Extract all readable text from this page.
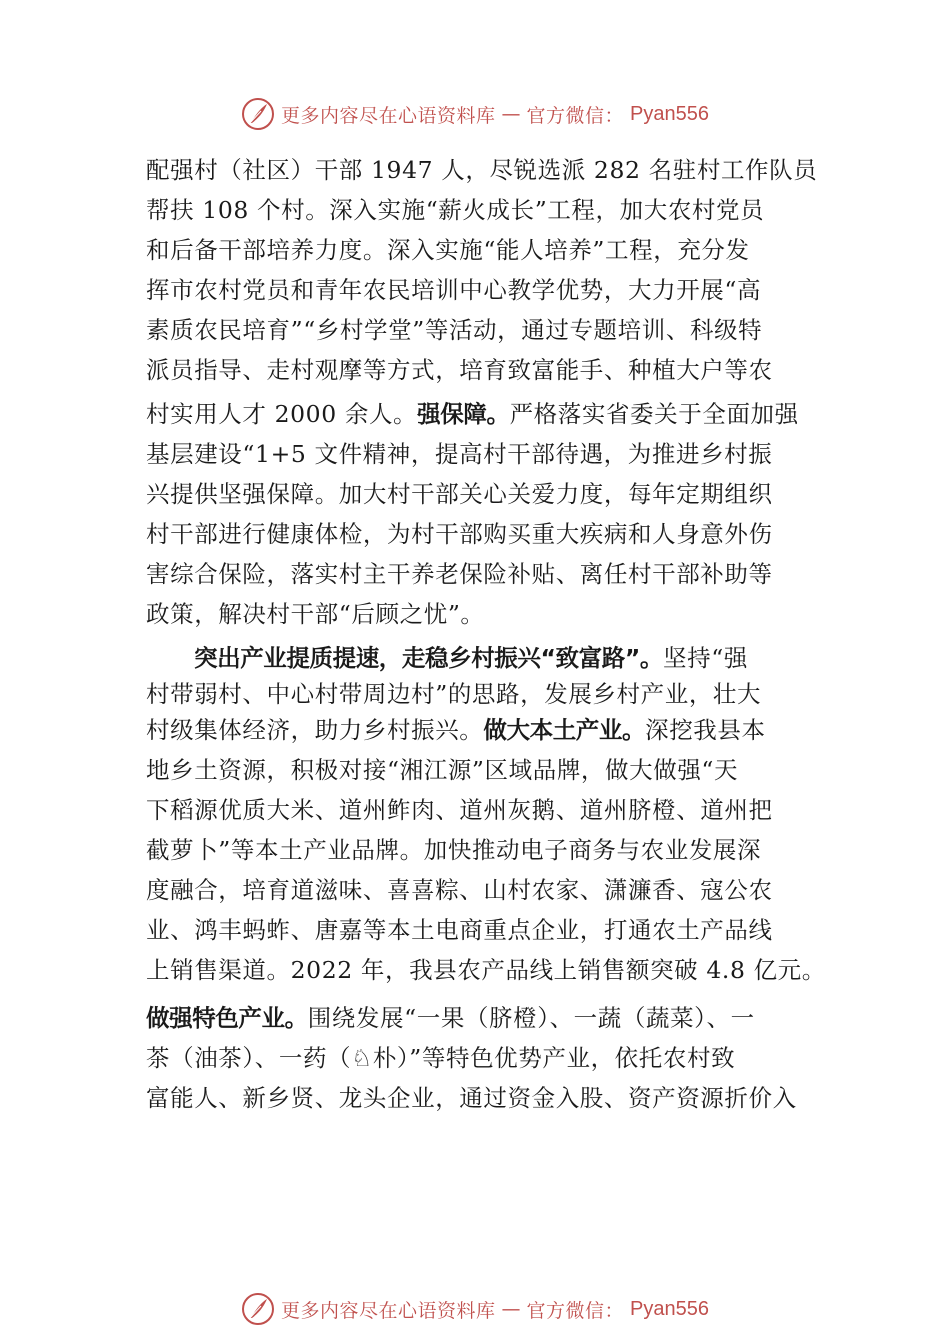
更多内容尽在心语资料库 — 官方微信： Pyan556
配强村（社区）干部 1947 人，尽锐选派 282 名驻村工作队员
帮扶 108 个村。深入实施“薪火成长”工程，加大农村党员
和后备干部培养力度。深入实施“能人培养”工程，充分发
挥市农村党员和青年农民培训中心教学优势，大力开展“高
素质农民培育”“乡村学堂”等活动，通过专题培训、科级特
派员指导、走村观摩等方式，培育致富能手、种植大户等农
村实用人才 2000 余人。强保障。严格落实省委关于全面加强
基层建设“1+5 文件精神，提高村干部待遇，为推进乡村振
兴提供坚强保障。加大村干部关心关爱力度，每年定期组织
村干部进行健康体检，为村干部购买重大疾病和人身意外伤
害综合保险，落实村主干养老保险补贴、离任村干部补助等
政策，解决村干部“后顾之忧”。
突出产业提质提速，走稳乡村振兴“致富路”。坚持“强
村带弱村、中心村带周边村”的思路，发展乡村产业，壮大
村级集体经济，助力乡村振兴。做大本土产业。深挖我县本
地乡土资源，积极对接“湘江源”区域品牌，做大做强“天
下稻源优质大米、道州鲊肉、道州灰鹅、道州脐橙、道州把
截萝卜”等本土产业品牌。加快推动电子商务与农业发展深
度融合，培育道滋味、喜喜粽、山村农家、潇濂香、寇公农
业、鸿丰蚂蚱、唐嘉等本土电商重点企业，打通农土产品线
上销售渠道。2022 年，我县农产品线上销售额突破 4.8 亿元。
做强特色产业。围绕发展“一果（脐橙）、一蔬（蔬菜）、一
茶（油茶）、一药（♘朴）”等特色优势产业，依托农村致
富能人、新乡贤、龙头企业，通过资金入股、资产资源折价入
更多内容尽在心语资料库 — 官方微信： Pyan556
